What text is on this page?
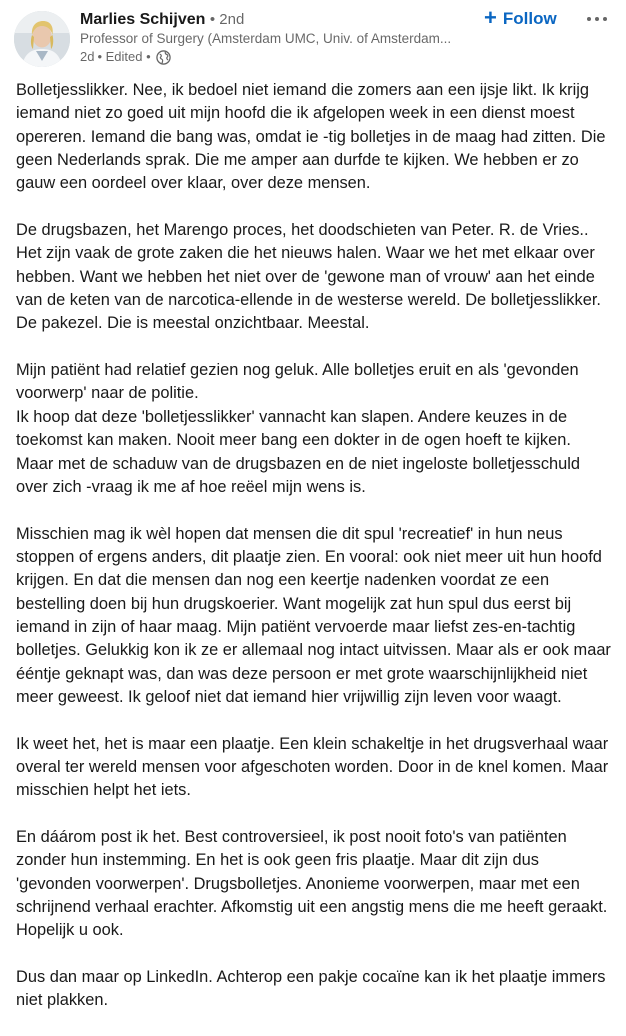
Marlies Schijven • 2nd
Professor of Surgery (Amsterdam UMC, Univ. of Amsterdam...
2d • Edited •
+ Follow

Bolletjesslikker. Nee, ik bedoel niet iemand die zomers aan een ijsje likt. Ik krijg
iemand niet zo goed uit mijn hoofd die ik afgelopen week in een dienst moest
opereren. Iemand die bang was, omdat ie -tig bolletjes in de maag had zitten. Die
geen Nederlands sprak. Die me amper aan durfde te kijken. We hebben er zo
gauw een oordeel over klaar, over deze mensen.

De drugsbazen, het Marengo proces, het doodschieten van Peter. R. de Vries..
Het zijn vaak de grote zaken die het nieuws halen. Waar we het met elkaar over
hebben. Want we hebben het niet over de 'gewone man of vrouw' aan het einde
van de keten van de narcotica-ellende in de westerse wereld. De bolletjesslikker.
De pakezel. Die is meestal onzichtbaar. Meestal.

Mijn patiënt had relatief gezien nog geluk. Alle bolletjes eruit en als 'gevonden
voorwerp' naar de politie.
Ik hoop dat deze 'bolletjesslikker' vannacht kan slapen. Andere keuzes in de
toekomst kan maken. Nooit meer bang een dokter in de ogen hoeft te kijken.
Maar met de schaduw van de drugsbazen en de niet ingeloste bolletjesschuld
over zich -vraag ik me af hoe reëel mijn wens is.

Misschien mag ik wèl hopen dat mensen die dit spul 'recreatief' in hun neus
stoppen of ergens anders, dit plaatje zien. En vooral: ook niet meer uit hun hoofd
krijgen. En dat die mensen dan nog een keertje nadenken voordat ze een
bestelling doen bij hun drugskoerier. Want mogelijk zat hun spul dus eerst bij
iemand in zijn of haar maag. Mijn patiënt vervoerde maar liefst zes-en-tachtig
bolletjes. Gelukkig kon ik ze er allemaal nog intact uitvissen. Maar als er ook maar
ééntje geknapt was, dan was deze persoon er met grote waarschijnlijkheid niet
meer geweest. Ik geloof niet dat iemand hier vrijwillig zijn leven voor waagt.

Ik weet het, het is maar een plaatje. Een klein schakeltje in het drugsverhaal waar
overal ter wereld mensen voor afgeschoten worden. Door in de knel komen. Maar
misschien helpt het iets.

En dáárom post ik het. Best controversieel, ik post nooit foto's van patiënten
zonder hun instemming. En het is ook geen fris plaatje. Maar dit zijn dus
'gevonden voorwerpen'. Drugsbolletjes. Anonieme voorwerpen, maar met een
schrijnend verhaal erachter. Afkomstig uit een angstig mens die me heeft geraakt.
Hopelijk u ook.

Dus dan maar op LinkedIn. Achterop een pakje cocaïne kan ik het plaatje immers
niet plakken.
